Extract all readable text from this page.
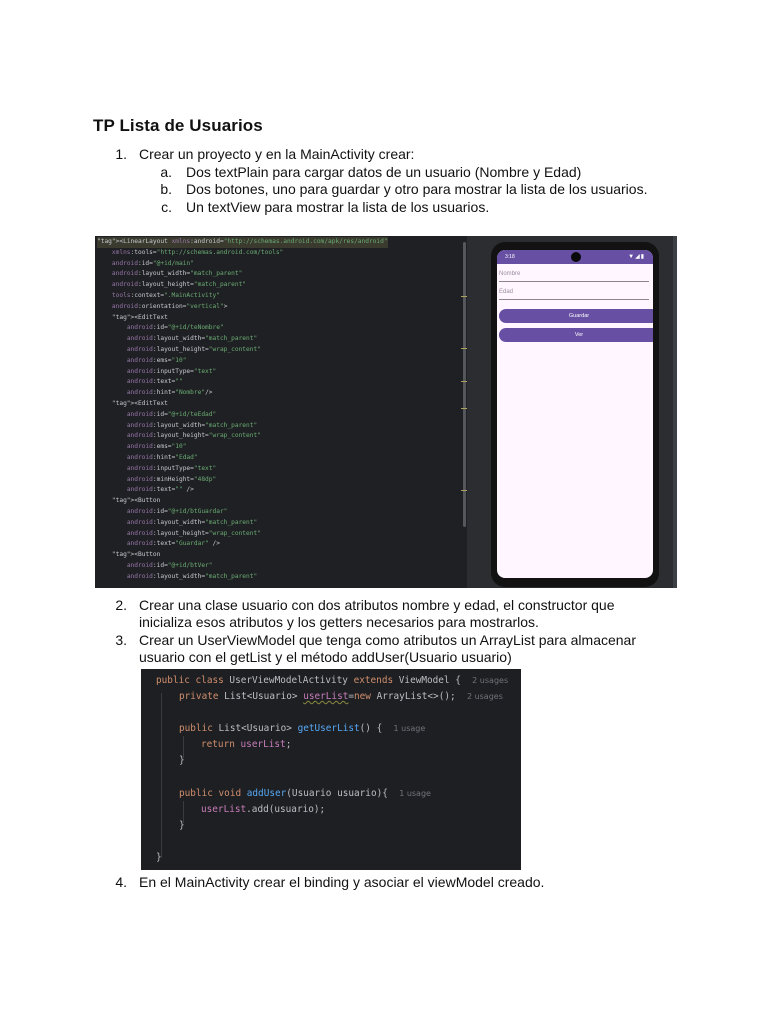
TP Lista de Usuarios
1. Crear un proyecto y en la MainActivity crear:
a. Dos textPlain para cargar datos de un usuario (Nombre y Edad)
b. Dos botones, uno para guardar y otro para mostrar la lista de los usuarios.
c. Un textView para mostrar la lista de los usuarios.
"tag"><LinearLayout xmlns:android="http://schemas.android.com/apk/res/android"
xmlns:tools="http://schemas.android.com/tools"
android:id="@+id/main"
android:layout_width="match_parent"
android:layout_height="match_parent"
tools:context=".MainActivity"
android:orientation="vertical">
"tag"><EditText
android:id="@+id/teNombre"
android:layout_width="match_parent"
android:layout_height="wrap_content"
android:ems="10"
android:inputType="text"
android:text=""
android:hint="Nombre"/>
"tag"><EditText
android:id="@+id/teEdad"
android:layout_width="match_parent"
android:layout_height="wrap_content"
android:ems="10"
android:hint="Edad"
android:inputType="text"
android:minHeight="48dp"
android:text="" />
"tag"><Button
android:id="@+id/btGuardar"
android:layout_width="match_parent"
android:layout_height="wrap_content"
android:text="Guardar" />
"tag"><Button
android:id="@+id/btVer"
android:layout_width="match_parent"
3:18	▼◢▮
Nombre
Edad
Guardar
Ver
2. Crear una clase usuario con dos atributos nombre y edad, el constructor que
inicializa esos atributos y los getters necesarios para mostrarlos.
3. Crear un UserViewModel que tenga como atributos un ArrayList para almacenar
usuario con el getList y el método addUser(Usuario usuario)
public class UserViewModelActivity extends ViewModel { 2 usages
private List<Usuario> userList=new ArrayList<>(); 2 usages
public List<Usuario> getUserList() { 1 usage
return userList;
}
public void addUser(Usuario usuario){ 1 usage
userList.add(usuario);
}
}
4. En el MainActivity crear el binding y asociar el viewModel creado.
